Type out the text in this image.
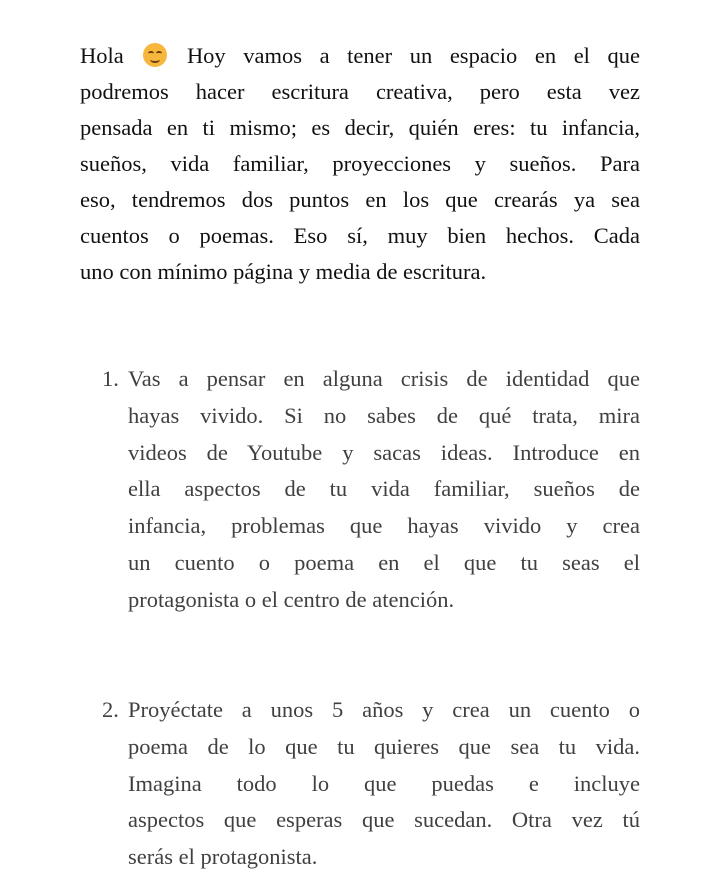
Hola	Hoy vamos a tener un espacio en el que
podremos hacer escritura creativa, pero esta vez
pensada en ti mismo; es decir, quién eres: tu infancia,
sueños, vida familiar, proyecciones y sueños. Para
eso, tendremos dos puntos en los que crearás ya sea
cuentos o poemas. Eso sí, muy bien hechos. Cada
uno con mínimo página y media de escritura.
1. Vas a pensar en alguna crisis de identidad que
hayas vivido. Si no sabes de qué trata, mira
videos de Youtube y sacas ideas. Introduce en
ella aspectos de tu vida familiar, sueños de
infancia, problemas que hayas vivido y crea
un cuento o poema en el que tu seas el
protagonista o el centro de atención.
2. Proyéctate a unos 5 años y crea un cuento o
poema de lo que tu quieres que sea tu vida.
Imagina todo lo que puedas e incluye
aspectos que esperas que sucedan. Otra vez tú
serás el protagonista.
